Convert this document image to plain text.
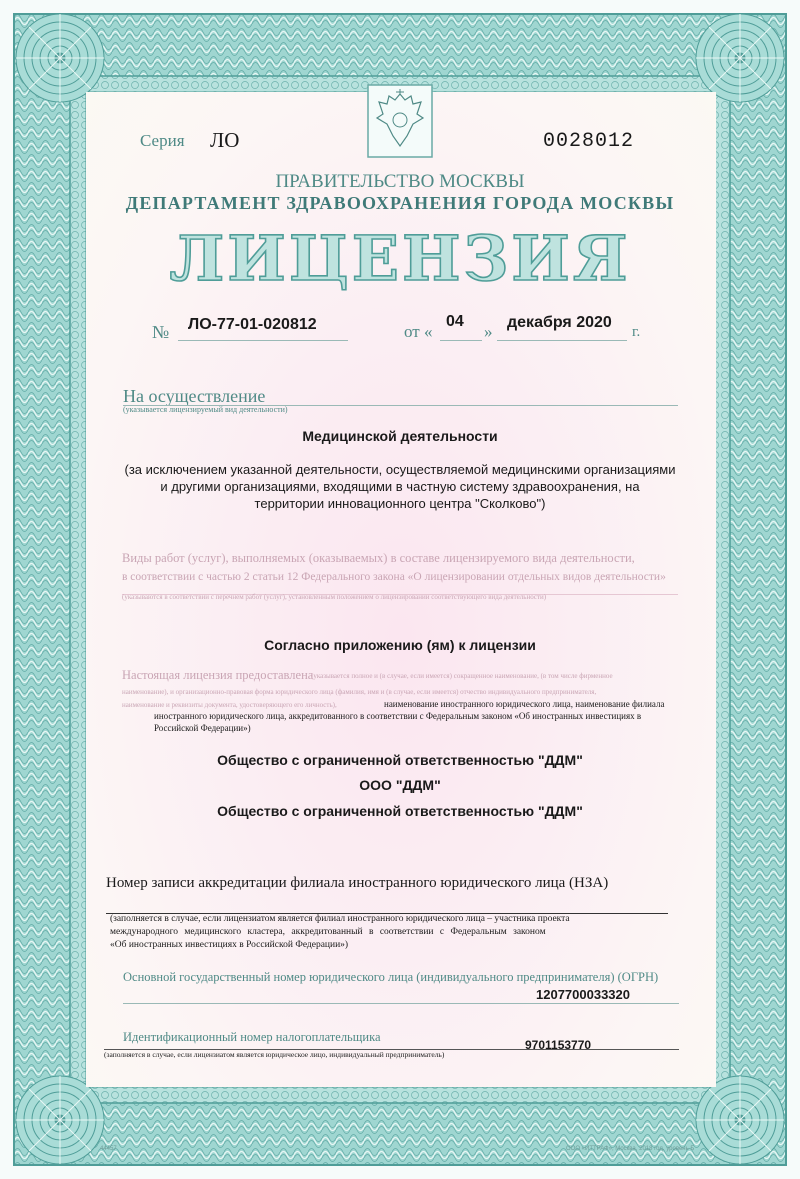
Серия ЛО	0028012
ПРАВИТЕЛЬСТВО МОСКВЫ
ДЕПАРТАМЕНТ ЗДРАВООХРАНЕНИЯ ГОРОДА МОСКВЫ
ЛИЦЕНЗИЯ
№ ЛО-77-01-020812	от «
04
» декабря 2020
г.
На осуществление
(указывается лицензируемый вид деятельности)
Медицинской деятельности
(за исключением указанной деятельности, осуществляемой медицинскими организациями
и другими организациями, входящими в частную систему здравоохранения, на
территории инновационного центра "Сколково")
Виды работ (услуг), выполняемых (оказываемых) в составе лицензируемого вида деятельности,
в соответствии с частью 2 статьи 12 Федерального закона «О лицензировании отдельных видов деятельности»
(указываются в соответствии с перечнем работ (услуг), установленным положением о лицензировании соответствующего вида деятельности)
Согласно приложению (ям) к лицензии
Настоящая лицензия предоставлена
(указывается полное и (в случае, если имеется) сокращенное наименование, (в том числе фирменное
наименование), и организационно-правовая форма юридического лица (фамилия, имя и (в случае, если имеется) отчество индивидуального предпринимателя,
наименование и реквизиты документа, удостоверяющего его личность),	наименование иностранного юридического лица, наименование филиала
иностранного юридического лица, аккредитованного в соответствии с Федеральным законом «Об иностранных инвестициях в
Российской Федерации»)
Общество с ограниченной ответственностью "ДДМ"
ООО "ДДМ"
Общество с ограниченной ответственностью "ДДМ"
Номер записи аккредитации филиала иностранного юридического лица (НЗА)
(заполняется в случае, если лицензиатом является филиал иностранного юридического лица – участника проекта
международного медицинского кластера, аккредитованный в соответствии с Федеральным законом
«Об иностранных инвестициях в Российской Федерации»)
Основной государственный номер юридического лица (индивидуального предпринимателя) (ОГРН)
1207700033320
Идентификационный номер налогоплательщика
9701153770
(заполняется в случае, если лицензиатом является юридическое лицо, индивидуальный предприниматель)
44457	ООО «ИТТРАФ», Москва, 2018 год, уровень Б
